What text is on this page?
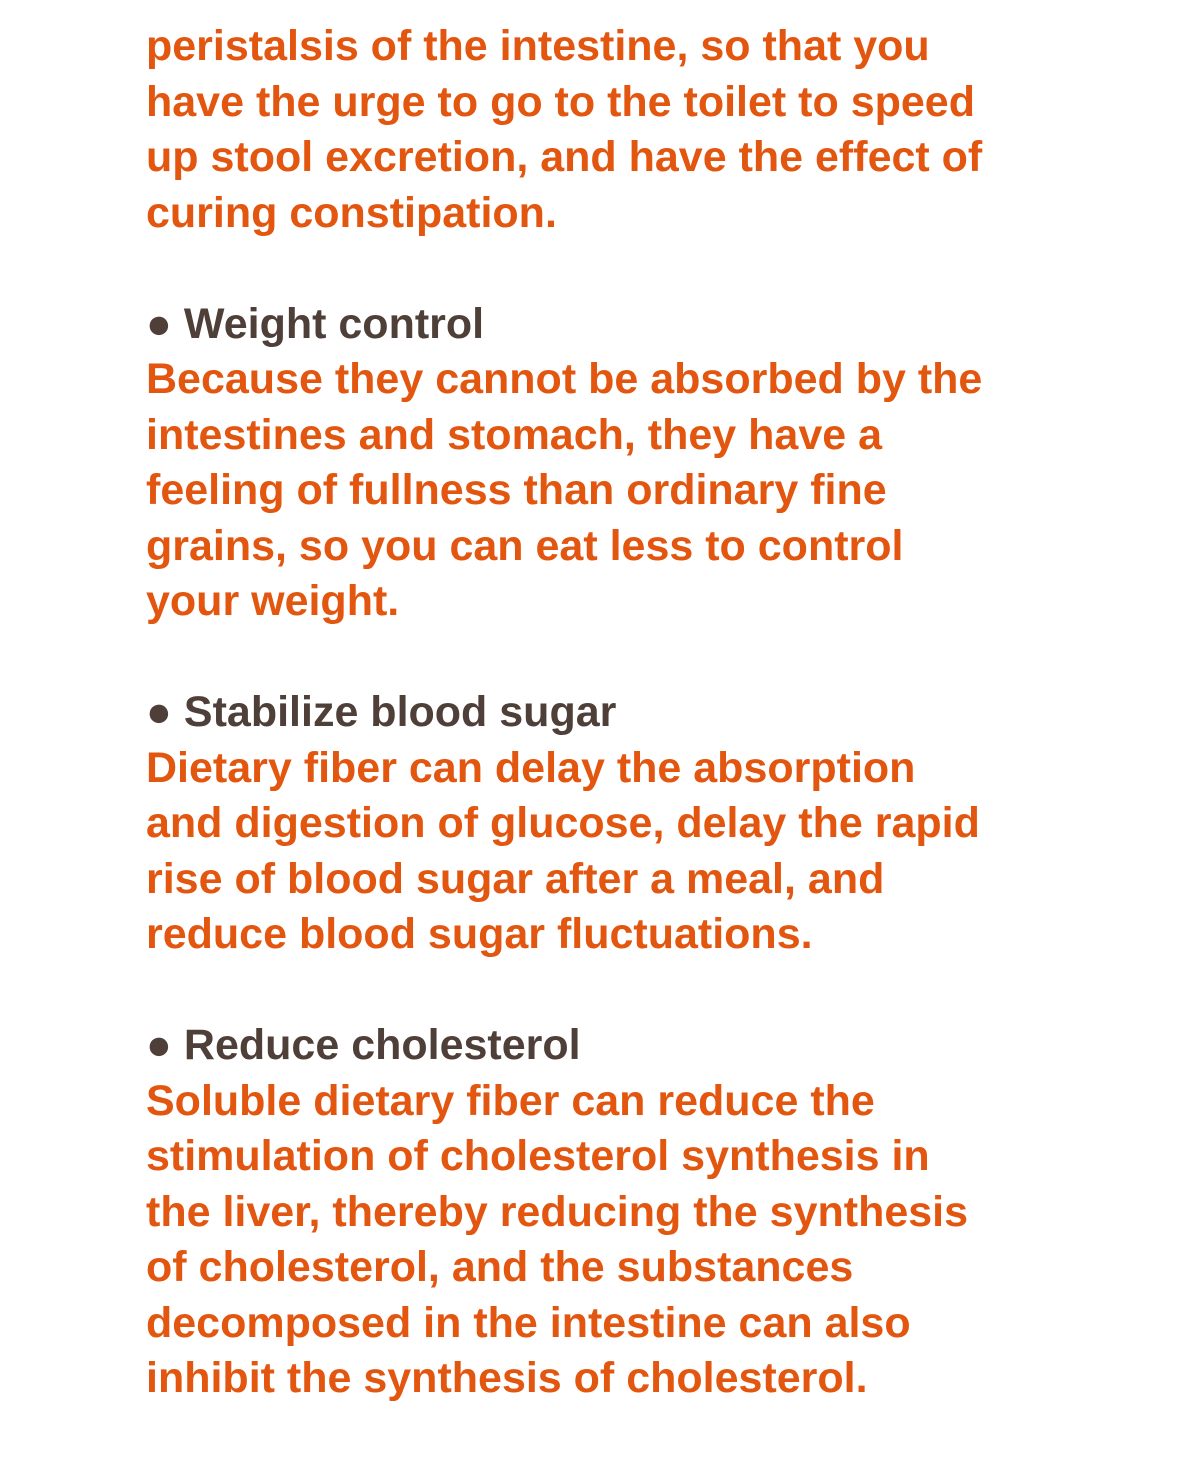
peristalsis of the intestine, so that you
have the urge to go to the toilet to speed
up stool excretion, and have the effect of
curing constipation.

● Weight control

Because they cannot be absorbed by the
intestines and stomach, they have a
feeling of fullness than ordinary fine
grains, so you can eat less to control
your weight.

● Stabilize blood sugar

Dietary fiber can delay the absorption
and digestion of glucose, delay the rapid
rise of blood sugar after a meal, and
reduce blood sugar fluctuations.

● Reduce cholesterol

Soluble dietary fiber can reduce the
stimulation of cholesterol synthesis in
the liver, thereby reducing the synthesis
of cholesterol, and the substances
decomposed in the intestine can also
inhibit the synthesis of cholesterol.
